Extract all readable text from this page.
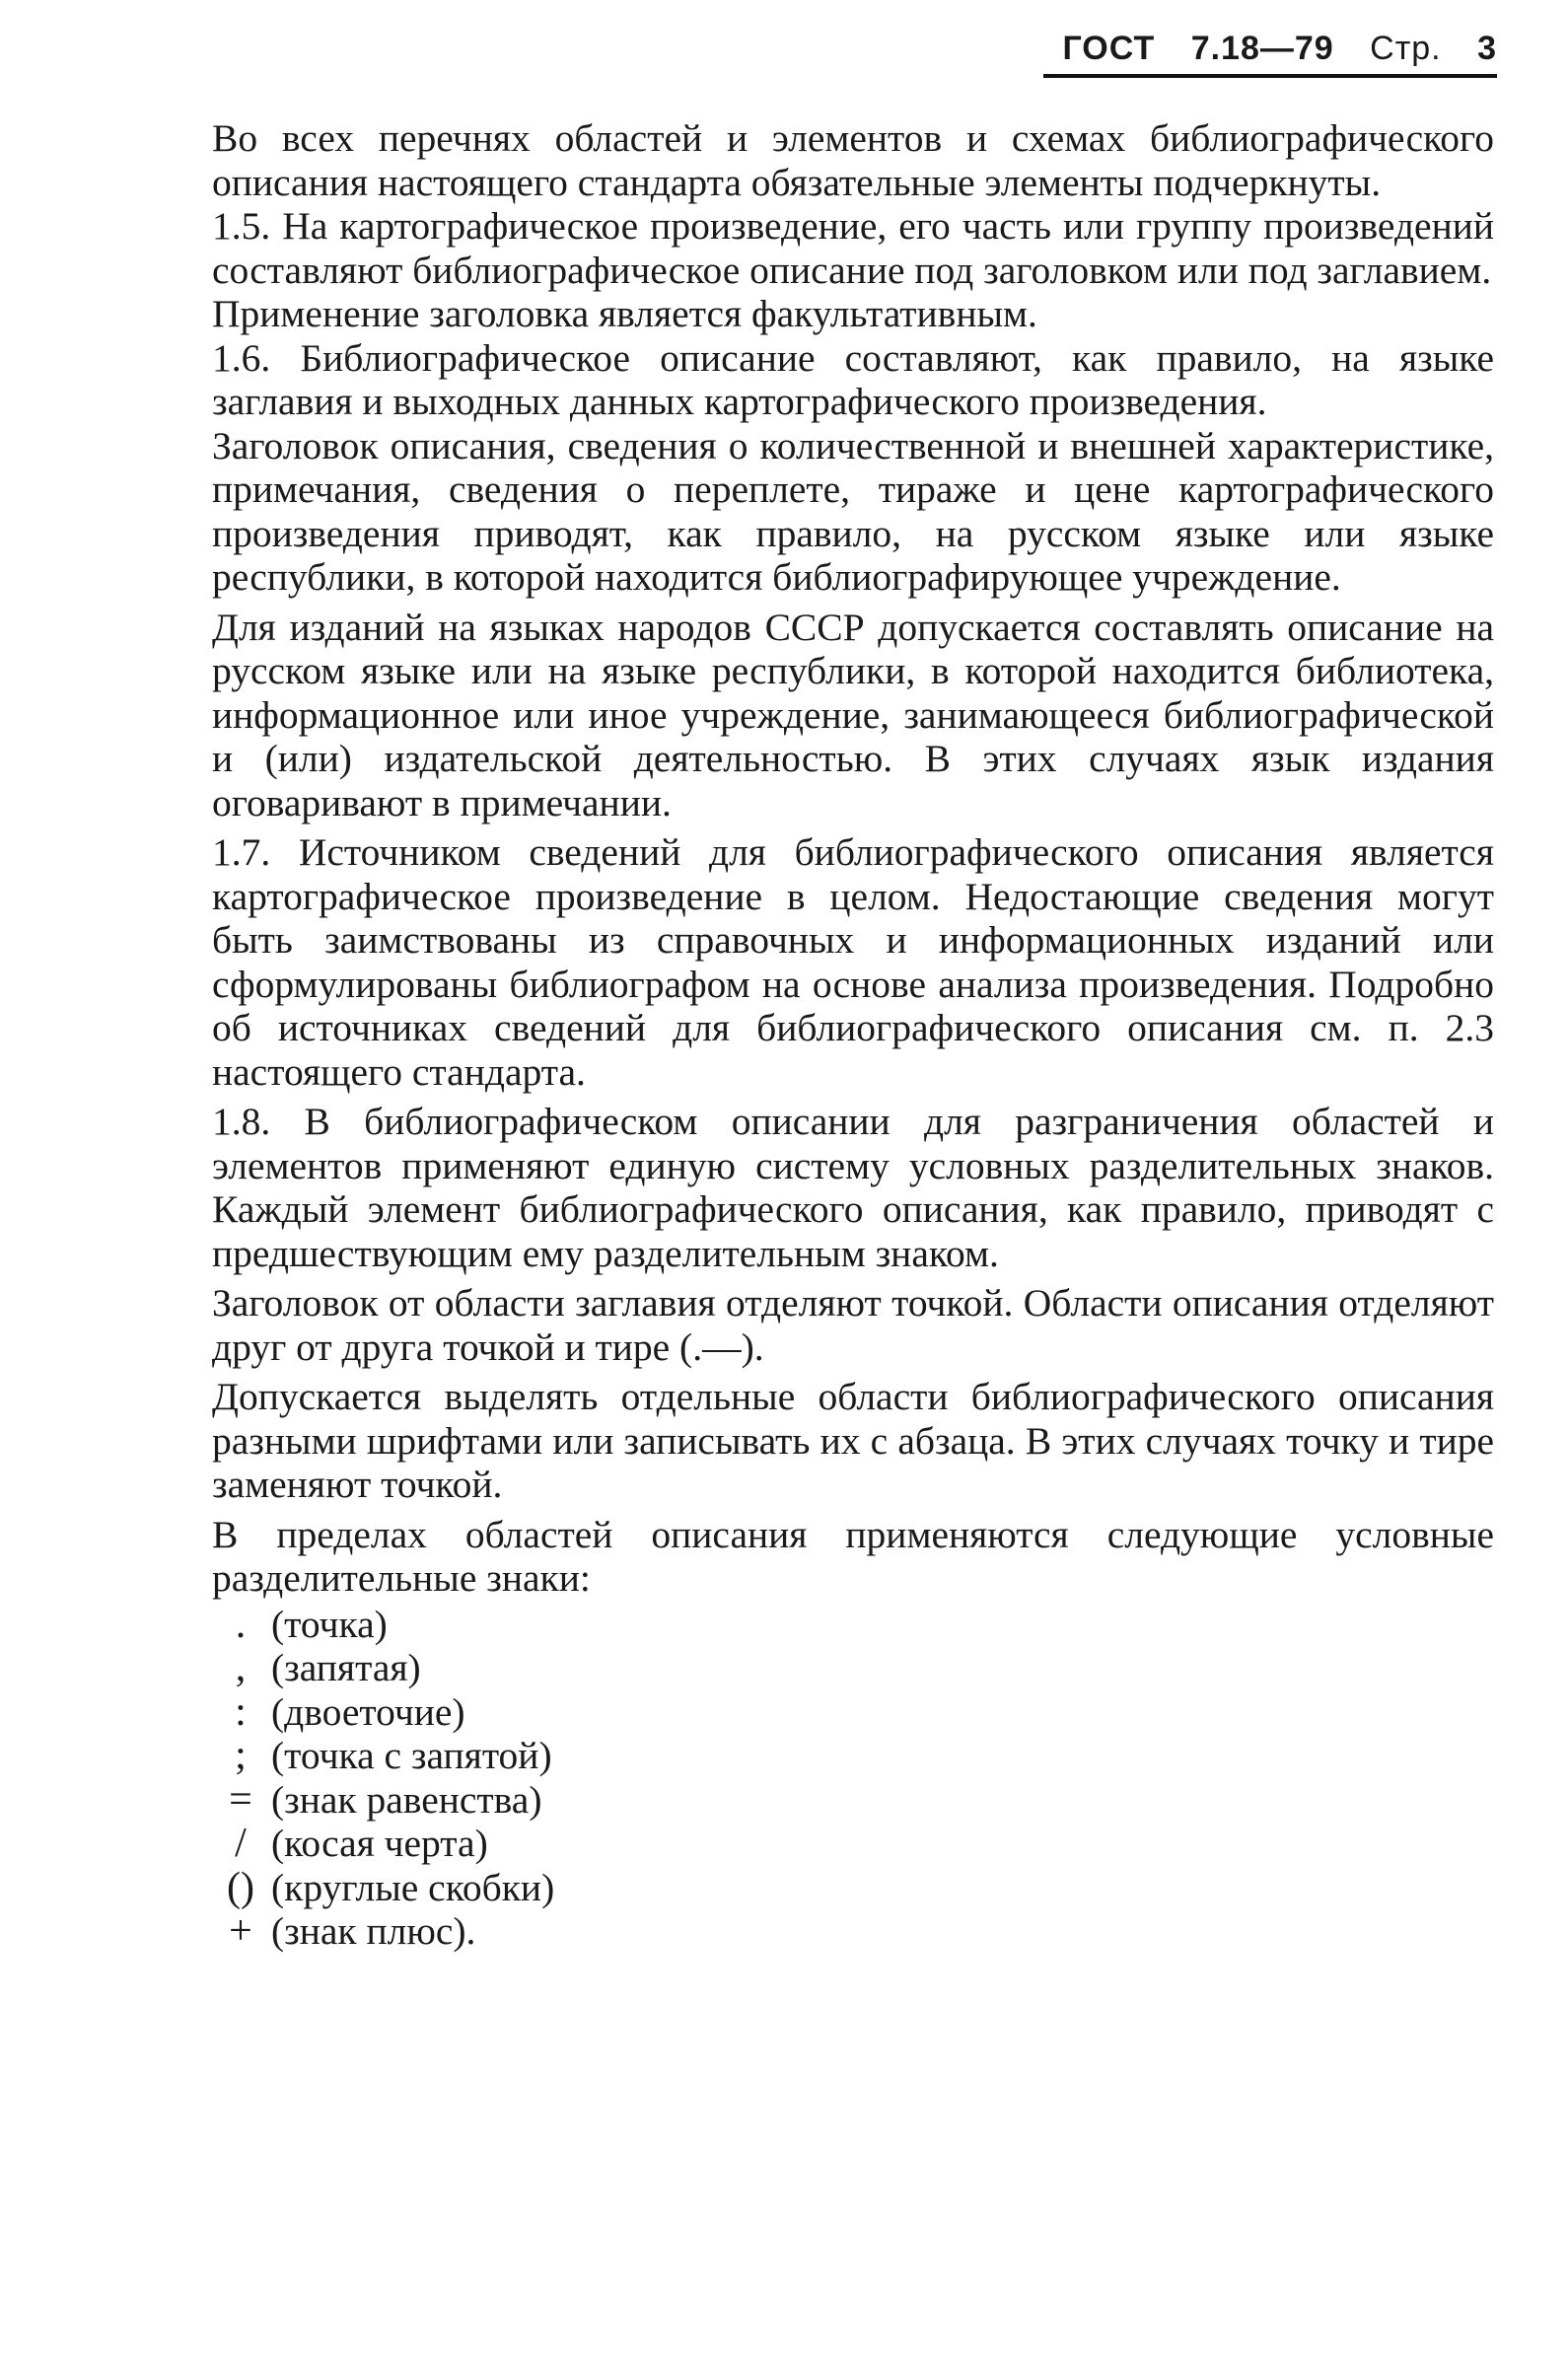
ГОСТ 7.18—79 Стр. 3

Во всех перечнях областей и элементов и схемах библиографического описания настоящего стандарта обязательные элементы подчеркнуты.

1.5. На картографическое произведение, его часть или группу произведений составляют библиографическое описание под заголовком или под заглавием.

Применение заголовка является факультативным.

1.6. Библиографическое описание составляют, как правило, на языке заглавия и выходных данных картографического произведения.

Заголовок описания, сведения о количественной и внешней характеристике, примечания, сведения о переплете, тираже и цене картографического произведения приводят, как правило, на русском языке или языке республики, в которой находится библиографирующее учреждение.

Для изданий на языках народов СССР допускается составлять описание на русском языке или на языке республики, в которой находится библиотека, информационное или иное учреждение, занимающееся библиографической и (или) издательской деятельностью. В этих случаях язык издания оговаривают в примечании.

1.7. Источником сведений для библиографического описания является картографическое произведение в целом. Недостающие сведения могут быть заимствованы из справочных и информационных изданий или сформулированы библиографом на основе анализа произведения. Подробно об источниках сведений для библиографического описания см. п. 2.3 настоящего стандарта.

1.8. В библиографическом описании для разграничения областей и элементов применяют единую систему условных разделительных знаков. Каждый элемент библиографического описания, как правило, приводят с предшествующим ему разделительным знаком.

Заголовок от области заглавия отделяют точкой. Области описания отделяют друг от друга точкой и тире (.—).

Допускается выделять отдельные области библиографического описания разными шрифтами или записывать их с абзаца. В этих случаях точку и тире заменяют точкой.

В пределах областей описания применяются следующие условные разделительные знаки:

. (точка)
, (запятая)
: (двоеточие)
; (точка с запятой)
= (знак равенства)
/ (косая черта)
() (круглые скобки)
+ (знак плюс).
